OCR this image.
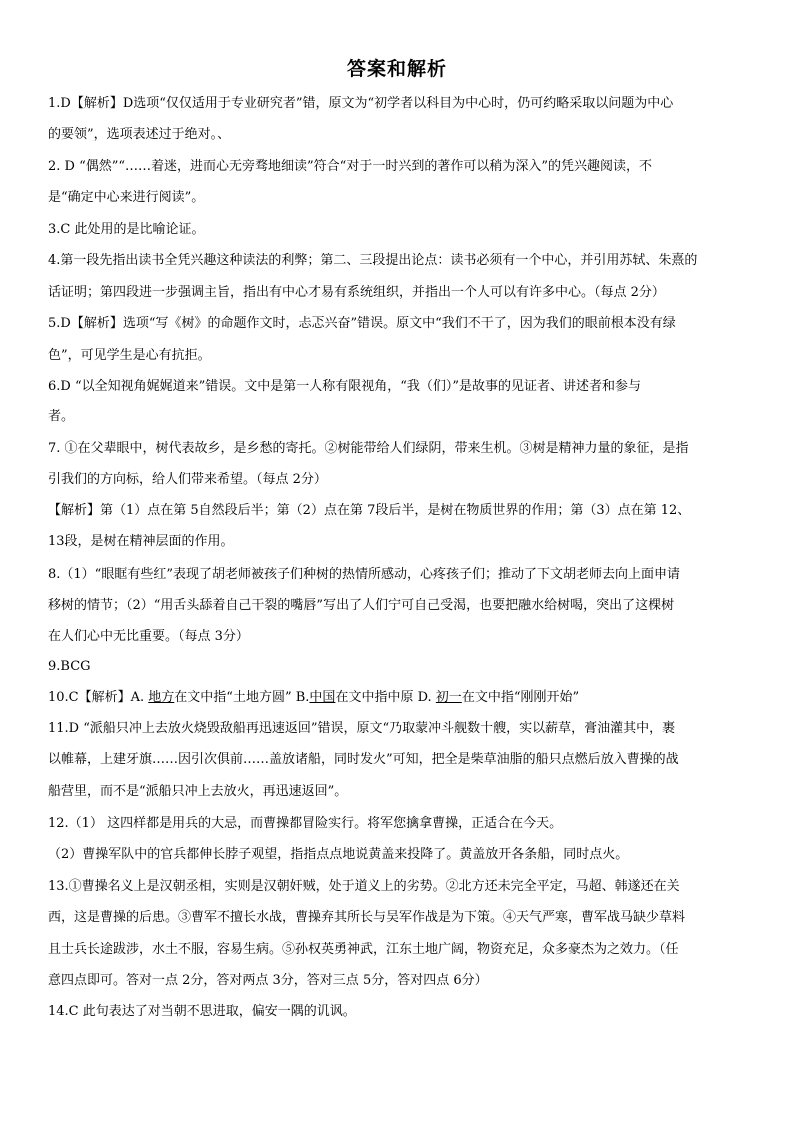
答案和解析
1.D【解析】D选项“仅仅适用于专业研究者”错，原文为“初学者以科目为中心时，仍可约略采取以问题为中心
的要领”，选项表述过于绝对。、
2. D “偶然”“……着迷，进而心无旁骛地细读”符合“对于一时兴到的著作可以稍为深入”的凭兴趣阅读，不
是“确定中心来进行阅读”。
3.C 此处用的是比喻论证。
4.第一段先指出读书全凭兴趣这种读法的利弊；第二、三段提出论点：读书必须有一个中心，并引用苏轼、朱熹的
话证明；第四段进一步强调主旨，指出有中心才易有系统组织，并指出一个人可以有许多中心。（每点 2分）
5.D【解析】选项“写《树》的命题作文时，忐忑兴奋”错误。原文中“我们不干了，因为我们的眼前根本没有绿
色”，可见学生是心有抗拒。
6.D “以全知视角娓娓道来”错误。文中是第一人称有限视角，“我（们）”是故事的见证者、讲述者和参与
者。
7. ①在父辈眼中，树代表故乡，是乡愁的寄托。②树能带给人们绿阴，带来生机。③树是精神力量的象征，是指
引我们的方向标，给人们带来希望。（每点 2分）
【解析】第（1）点在第 5自然段后半；第（2）点在第 7段后半，是树在物质世界的作用；第（3）点在第 12、
13段，是树在精神层面的作用。
8.（1）“眼眶有些红”表现了胡老师被孩子们种树的热情所感动，心疼孩子们；推动了下文胡老师去向上面申请
移树的情节；（2）“用舌头舔着自己干裂的嘴唇”写出了人们宁可自己受渴，也要把融水给树喝，突出了这棵树
在人们心中无比重要。（每点 3分）
9.BCG
10.C【解析】A. 地方在文中指“土地方圆” B.中国在文中指中原 D. 初一在文中指“刚刚开始”
11.D “派船只冲上去放火烧毁敌船再迅速返回”错误，原文“乃取蒙冲斗舰数十艘，实以薪草，膏油灌其中，裹
以帷幕，上建牙旗……因引次俱前……盖放诸船，同时发火”可知，把全是柴草油脂的船只点燃后放入曹操的战
船营里，而不是“派船只冲上去放火，再迅速返回”。
12.（1） 这四样都是用兵的大忌，而曹操都冒险实行。将军您擒拿曹操，正适合在今天。
（2）曹操军队中的官兵都伸长脖子观望，指指点点地说黄盖来投降了。黄盖放开各条船，同时点火。
13.①曹操名义上是汉朝丞相，实则是汉朝奸贼，处于道义上的劣势。②北方还未完全平定，马超、韩遂还在关
西，这是曹操的后患。③曹军不擅长水战，曹操弃其所长与吴军作战是为下策。④天气严寒，曹军战马缺少草料
且士兵长途跋涉，水土不服，容易生病。⑤孙权英勇神武，江东土地广阔，物资充足，众多豪杰为之效力。（任
意四点即可。答对一点 2分，答对两点 3分，答对三点 5分，答对四点 6分）
14.C 此句表达了对当朝不思进取，偏安一隅的讥讽。
